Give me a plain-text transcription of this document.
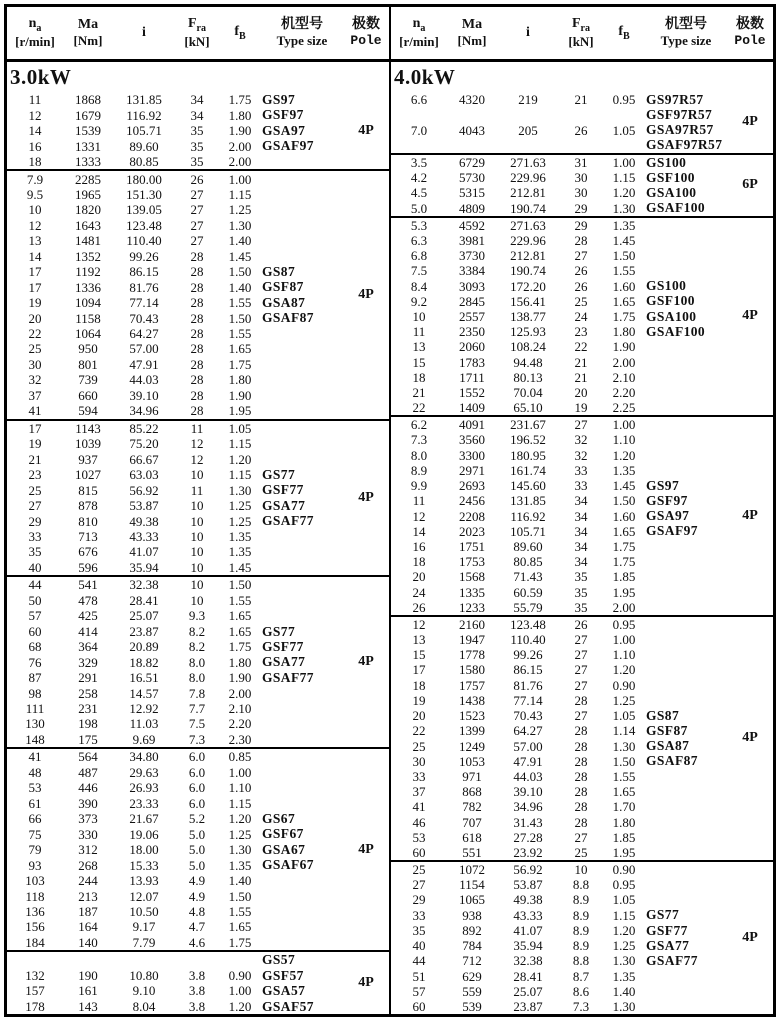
$n_a$
[r/min]
Ma
[Nm]
i
$F_{ra}$
[kN]
$f_B$
机型号
Type size
极数
Pole
3.0kW
11	1868	131.85	34	1.75 GS97
12	1679	116.92	34	1.80 GSF97
14	1539	105.71	35	1.90 GSA97
16	1331	89.60	35	2.00 GSAF97
18	1333	80.85	35	2.00
4P
7.9	2285	180.00	26	1.00
9.5	1965	151.30	27	1.15
10	1820	139.05	27	1.25
12	1643	123.48	27	1.30
13	1481	110.40	27	1.40
14	1352	99.26	28	1.45
17	1192	86.15	28	1.50 GS87
17	1336	81.76	28	1.40 GSF87
19	1094	77.14	28	1.55 GSA87
20	1158	70.43	28	1.50 GSAF87
22	1064	64.27	28	1.55
25	950	57.00	28	1.65
30	801	47.91	28	1.75
32	739	44.03	28	1.80
37	660	39.10	28	1.90
41	594	34.96	28	1.95
4P
17	1143	85.22	11	1.05
19	1039	75.20	12	1.15
21	937	66.67	12	1.20
23	1027	63.03	10	1.15 GS77
25	815	56.92	11	1.30 GSF77
27	878	53.87	10	1.25 GSA77
29	810	49.38	10	1.25 GSAF77
33	713	43.33	10	1.35
35	676	41.07	10	1.35
40	596	35.94	10	1.45
4P
44	541	32.38	10	1.50
50	478	28.41	10	1.55
57	425	25.07	9.3	1.65
60	414	23.87	8.2	1.65 GS77
68	364	20.89	8.2	1.75 GSF77
76	329	18.82	8.0	1.80 GSA77
87	291	16.51	8.0	1.90 GSAF77
98	258	14.57	7.8	2.00
111	231	12.92	7.7	2.10
130	198	11.03	7.5	2.20
148	175	9.69	7.3	2.30
4P
41	564	34.80	6.0	0.85
48	487	29.63	6.0	1.00
53	446	26.93	6.0	1.10
61	390	23.33	6.0	1.15
66	373	21.67	5.2	1.20 GS67
75	330	19.06	5.0	1.25 GSF67
79	312	18.00	5.0	1.30 GSA67
93	268	15.33	5.0	1.35 GSAF67
103	244	13.93	4.9	1.40
118	213	12.07	4.9	1.50
136	187	10.50	4.8	1.55
156	164	9.17	4.7	1.65
184	140	7.79	4.6	1.75
4P
GS57
132	190	10.80	3.8	0.90 GSF57
157	161	9.10	3.8	1.00 GSA57
178	143	8.04	3.8	1.20 GSAF57
4P
$n_a$
[r/min]
Ma
[Nm]
i
$F_{ra}$
[kN]
$f_B$
机型号
Type size
极数
Pole
4.0kW
6.6	4320	219	21	0.95 GS97R57
GSF97R57
7.0	4043	205	26	1.05 GSA97R57
GSAF97R57
4P
3.5	6729	271.63	31	1.00 GS100
4.2	5730	229.96	30	1.15 GSF100
4.5	5315	212.81	30	1.20 GSA100
5.0	4809	190.74	29	1.30 GSAF100
6P
5.3	4592	271.63	29	1.35
6.3	3981	229.96	28	1.45
6.8	3730	212.81	27	1.50
7.5	3384	190.74	26	1.55
8.4	3093	172.20	26	1.60 GS100
9.2	2845	156.41	25	1.65 GSF100
10	2557	138.77	24	1.75 GSA100
11	2350	125.93	23	1.80 GSAF100
13	2060	108.24	22	1.90
15	1783	94.48	21	2.00
18	1711	80.13	21	2.10
21	1552	70.04	20	2.20
22	1409	65.10	19	2.25
4P
6.2	4091	231.67	27	1.00
7.3	3560	196.52	32	1.10
8.0	3300	180.95	32	1.20
8.9	2971	161.74	33	1.35
9.9	2693	145.60	33	1.45 GS97
11	2456	131.85	34	1.50 GSF97
12	2208	116.92	34	1.60 GSA97
14	2023	105.71	34	1.65 GSAF97
16	1751	89.60	34	1.75
18	1753	80.85	34	1.75
20	1568	71.43	35	1.85
24	1335	60.59	35	1.95
26	1233	55.79	35	2.00
4P
12	2160	123.48	26	0.95
13	1947	110.40	27	1.00
15	1778	99.26	27	1.10
17	1580	86.15	27	1.20
18	1757	81.76	27	0.90
19	1438	77.14	28	1.25
20	1523	70.43	27	1.05 GS87
22	1399	64.27	28	1.14 GSF87
25	1249	57.00	28	1.30 GSA87
30	1053	47.91	28	1.50 GSAF87
33	971	44.03	28	1.55
37	868	39.10	28	1.65
41	782	34.96	28	1.70
46	707	31.43	28	1.80
53	618	27.28	27	1.85
60	551	23.92	25	1.95
4P
25	1072	56.92	10	0.90
27	1154	53.87	8.8	0.95
29	1065	49.38	8.9	1.05
33	938	43.33	8.9	1.15 GS77
35	892	41.07	8.9	1.20 GSF77
40	784	35.94	8.9	1.25 GSA77
44	712	32.38	8.8	1.30 GSAF77
51	629	28.41	8.7	1.35
57	559	25.07	8.6	1.40
60	539	23.87	7.3	1.30
4P
